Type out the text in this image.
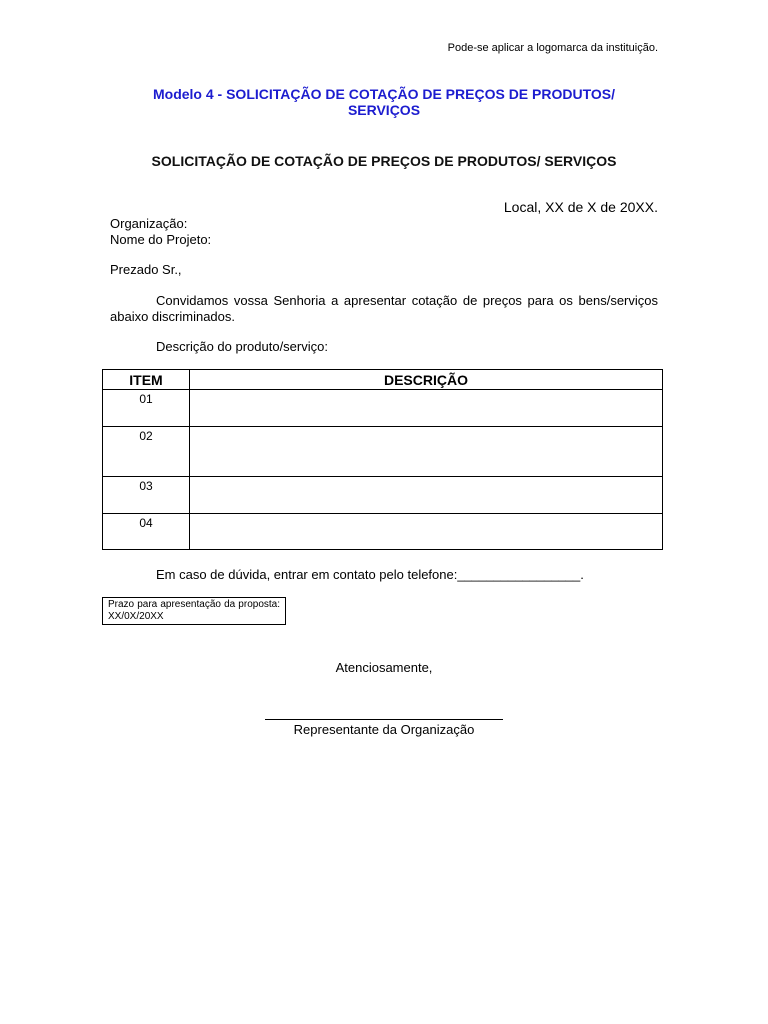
Pode-se aplicar a logomarca da instituição.
Modelo 4 - SOLICITAÇÃO DE COTAÇÃO DE PREÇOS DE PRODUTOS/
SERVIÇOS
SOLICITAÇÃO DE COTAÇÃO DE PREÇOS DE PRODUTOS/ SERVIÇOS
Local, XX de X de 20XX.
Organização:
Nome do Projeto:
Prezado Sr.,
Convidamos vossa Senhoria a apresentar cotação de preços para os bens/serviços abaixo discriminados.
Descrição do produto/serviço:
ITEM	DESCRIÇÃO
01	
02	
03	
04	
Em caso de dúvida, entrar em contato pelo telefone:_________________.
Prazo para apresentação da proposta: XX/0X/20XX
Atenciosamente,
Representante da Organização
